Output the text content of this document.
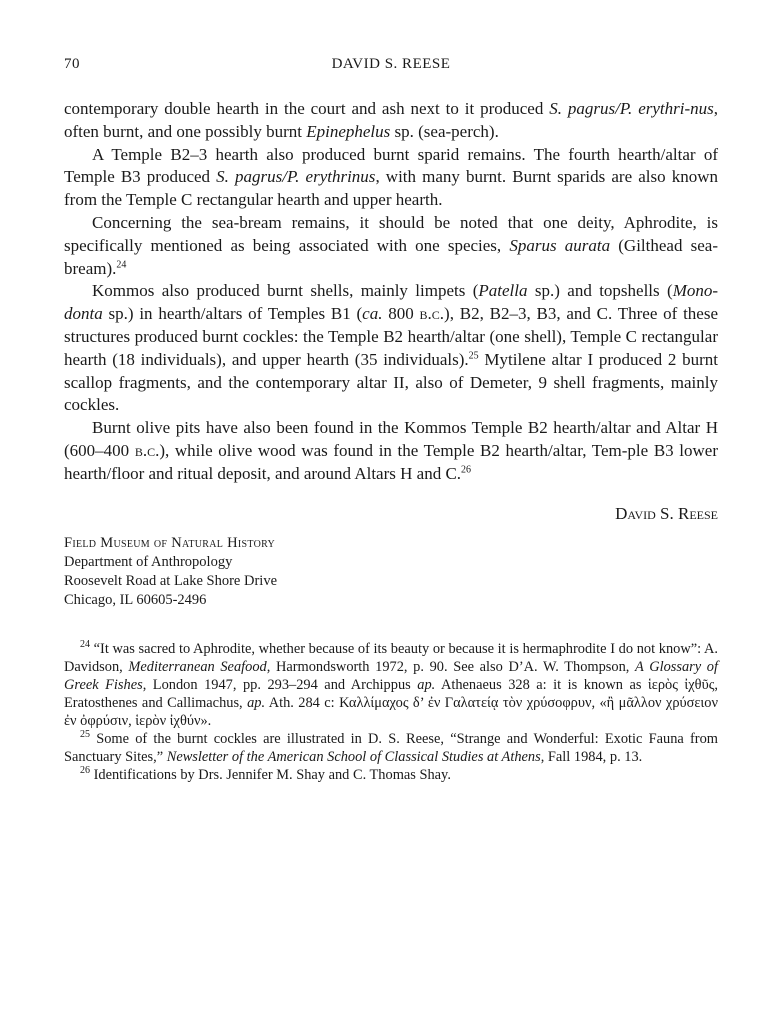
70	DAVID S. REESE

contemporary double hearth in the court and ash next to it produced S. pagrus/P. erythri-nus, often burnt, and one possibly burnt Epinephelus sp. (sea-perch).

A Temple B2–3 hearth also produced burnt sparid remains. The fourth hearth/altar of Temple B3 produced S. pagrus/P. erythrinus, with many burnt. Burnt sparids are also known from the Temple C rectangular hearth and upper hearth.

Concerning the sea-bream remains, it should be noted that one deity, Aphrodite, is specifically mentioned as being associated with one species, Sparus aurata (Gilthead sea-bream).$^{24}$

Kommos also produced burnt shells, mainly limpets (Patella sp.) and topshells (Mono-donta sp.) in hearth/altars of Temples B1 (ca. 800 b.c.), B2, B2–3, B3, and C. Three of these structures produced burnt cockles: the Temple B2 hearth/altar (one shell), Temple C rectangular hearth (18 individuals), and upper hearth (35 individuals).$^{25}$ Mytilene altar I produced 2 burnt scallop fragments, and the contemporary altar II, also of Demeter, 9 shell fragments, mainly cockles.

Burnt olive pits have also been found in the Kommos Temple B2 hearth/altar and Altar H (600–400 b.c.), while olive wood was found in the Temple B2 hearth/altar, Tem-ple B3 lower hearth/floor and ritual deposit, and around Altars H and C.$^{26}$

David S. Reese
Field Museum of Natural History
Department of Anthropology
Roosevelt Road at Lake Shore Drive
Chicago, IL 60605-2496

$^{24}$ “It was sacred to Aphrodite, whether because of its beauty or because it is hermaphrodite I do not know”: A. Davidson, Mediterranean Seafood, Harmondsworth 1972, p. 90. See also D’A. W. Thompson, A Glossary of Greek Fishes, London 1947, pp. 293–294 and Archippus ap. Athenaeus 328 a: it is known as ἱερὸς ἰχθῦς, Eratosthenes and Callimachus, ap. Ath. 284 c: Καλλίμαχος δ’ ἐν Γαλατείᾳ τὸν χρύσοφρυν, «ἢ μᾶλλον χρύσειον ἐν ὀφρύσιν, ἱερὸν ἰχθύν».

$^{25}$ Some of the burnt cockles are illustrated in D. S. Reese, “Strange and Wonderful: Exotic Fauna from Sanctuary Sites,” Newsletter of the American School of Classical Studies at Athens, Fall 1984, p. 13.

$^{26}$ Identifications by Drs. Jennifer M. Shay and C. Thomas Shay.
